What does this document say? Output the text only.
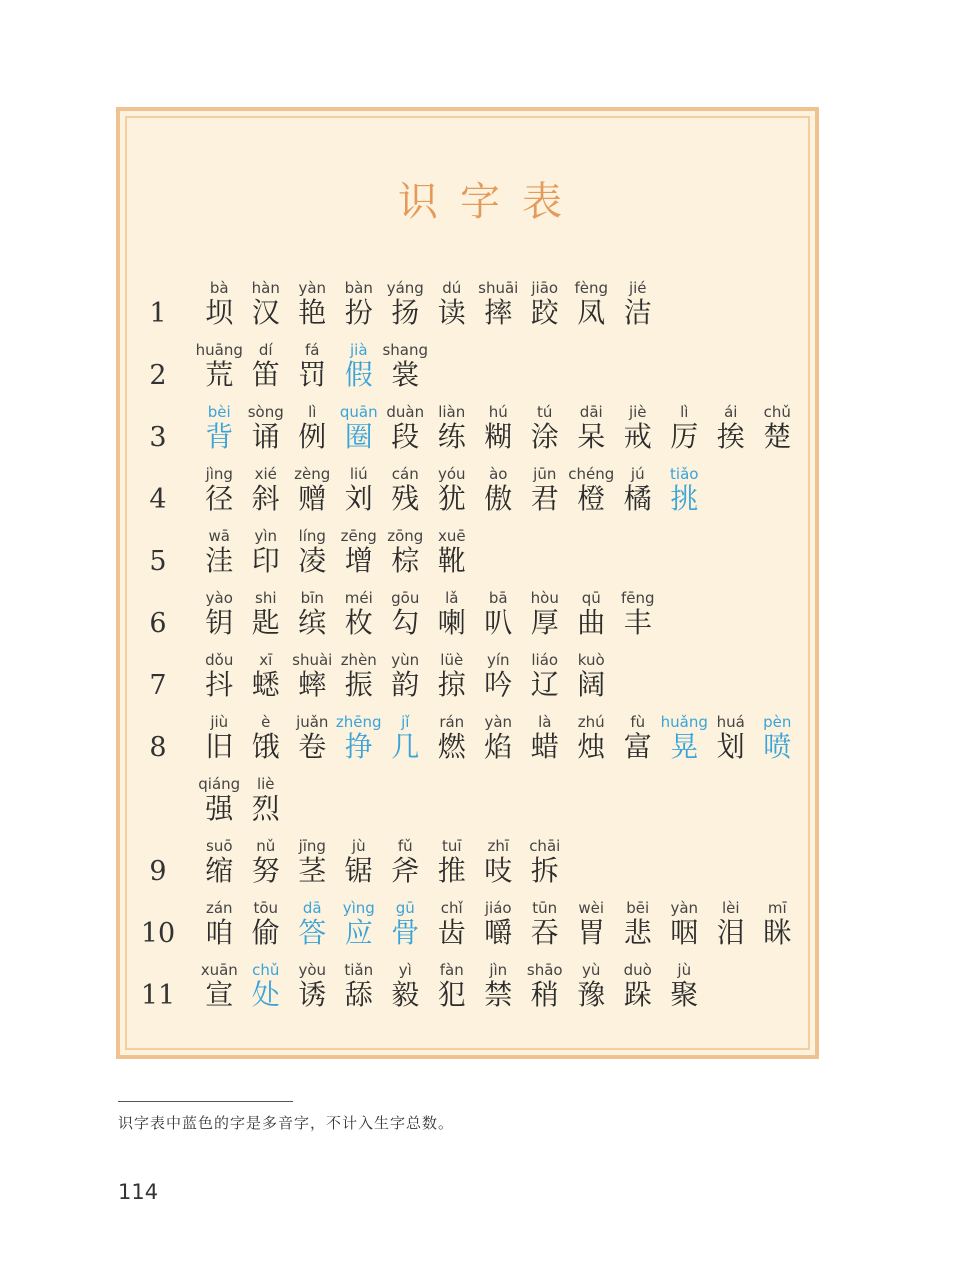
识字表
1
bà
坝
hàn
汉
yàn
艳
bàn
扮
yáng
扬
dú
读
shuāi
摔
jiāo
跤
fèng
凤
jié
洁
2
huāng
荒
dí
笛
fá
罚
jià
假
shang
裳
3
bèi
背
sòng
诵
lì
例
quān
圈
duàn
段
liàn
练
hú
糊
tú
涂
dāi
呆
jiè
戒
lì
厉
ái
挨
chǔ
楚
4
jìng
径
xié
斜
zèng
赠
liú
刘
cán
残
yóu
犹
ào
傲
jūn
君
chéng
橙
jú
橘
tiǎo
挑
5
wā
洼
yìn
印
líng
凌
zēng
增
zōng
棕
xuē
靴
6
yào
钥
shi
匙
bīn
缤
méi
枚
gōu
勾
lǎ
喇
bā
叭
hòu
厚
qū
曲
fēng
丰
7
dǒu
抖
xī
蟋
shuài
蟀
zhèn
振
yùn
韵
lüè
掠
yín
吟
liáo
辽
kuò
阔
8
jiù
旧
è
饿
juǎn
卷
zhēng
挣
jǐ
几
rán
燃
yàn
焰
là
蜡
zhú
烛
fù
富
huǎng
晃
huá
划
pèn
喷
qiáng
强
liè
烈
9
suō
缩
nǔ
努
jīng
茎
jù
锯
fǔ
斧
tuī
推
zhī
吱
chāi
拆
10
zán
咱
tōu
偷
dā
答
yìng
应
gū
骨
chǐ
齿
jiáo
嚼
tūn
吞
wèi
胃
bēi
悲
yàn
咽
lèi
泪
mī
眯
11
xuān
宣
chǔ
处
yòu
诱
tiǎn
舔
yì
毅
fàn
犯
jìn
禁
shāo
稍
yù
豫
duò
跺
jù
聚
识字表中蓝色的字是多音字，不计入生字总数。
114
